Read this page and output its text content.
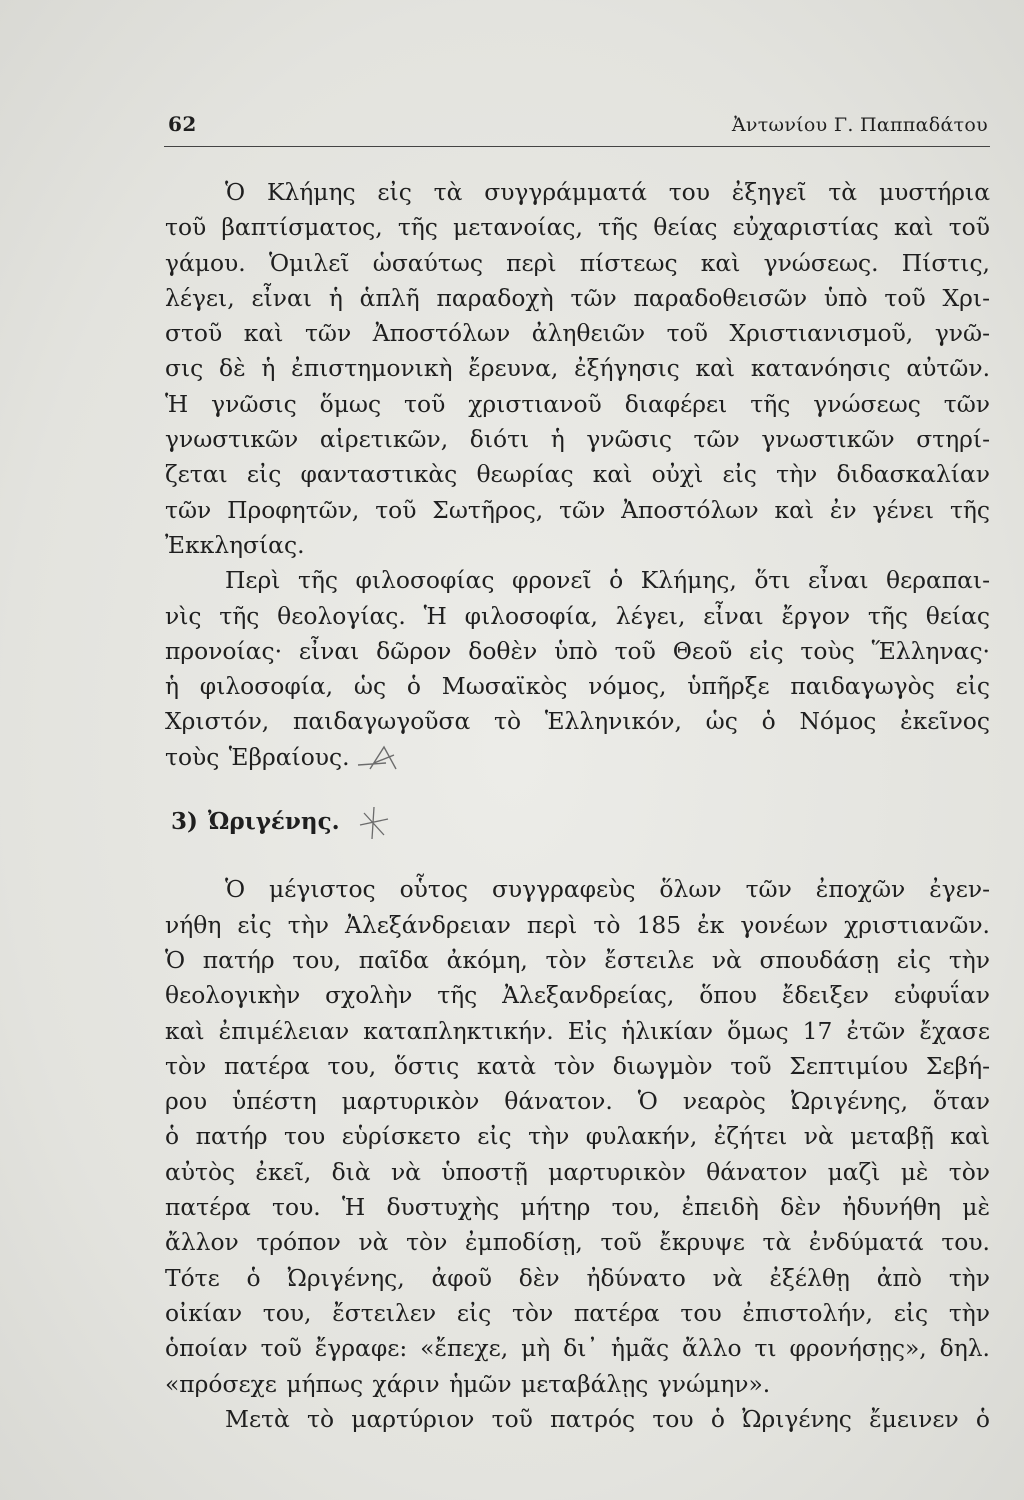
62	Ἀντωνίου Γ. Παππαδάτου
Ὁ Κλήμης εἰς τὰ συγγράμματά του ἐξηγεῖ τὰ μυστήρια
τοῦ βαπτίσματος, τῆς μετανοίας, τῆς θείας εὐχαριστίας καὶ τοῦ
γάμου. Ὁμιλεῖ ὡσαύτως περὶ πίστεως καὶ γνώσεως. Πίστις,
λέγει, εἶναι ἡ ἁπλῆ παραδοχὴ τῶν παραδοθεισῶν ὑπὸ τοῦ Χρι-
στοῦ καὶ τῶν Ἀποστόλων ἀληθειῶν τοῦ Χριστιανισμοῦ, γνῶ-
σις δὲ ἡ ἐπιστημονικὴ ἔρευνα, ἐξήγησις καὶ κατανόησις αὐτῶν.
Ἡ γνῶσις ὅμως τοῦ χριστιανοῦ διαφέρει τῆς γνώσεως τῶν
γνωστικῶν αἱρετικῶν, διότι ἡ γνῶσις τῶν γνωστικῶν στηρί-
ζεται εἰς φανταστικὰς θεωρίας καὶ οὐχὶ εἰς τὴν διδασκαλίαν
τῶν Προφητῶν, τοῦ Σωτῆρος, τῶν Ἀποστόλων καὶ ἐν γένει τῆς
Ἐκκλησίας.
Περὶ τῆς φιλοσοφίας φρονεῖ ὁ Κλήμης, ὅτι εἶναι θεραπαι-
νὶς τῆς θεολογίας. Ἡ φιλοσοφία, λέγει, εἶναι ἔργον τῆς θείας
προνοίας· εἶναι δῶρον δοθὲν ὑπὸ τοῦ Θεοῦ εἰς τοὺς Ἕλληνας·
ἡ φιλοσοφία, ὡς ὁ Μωσαϊκὸς νόμος, ὑπῆρξε παιδαγωγὸς εἰς
Χριστόν, παιδαγωγοῦσα τὸ Ἑλληνικόν, ὡς ὁ Νόμος ἐκεῖνος
τοὺς Ἑβραίους.
3) Ὠριγένης.
Ὁ μέγιστος οὗτος συγγραφεὺς ὅλων τῶν ἐποχῶν ἐγεν-
νήθη εἰς τὴν Ἀλεξάνδρειαν περὶ τὸ 185 ἐκ γονέων χριστιανῶν.
Ὁ πατήρ του, παῖδα ἀκόμη, τὸν ἔστειλε νὰ σπουδάσῃ εἰς τὴν
θεολογικὴν σχολὴν τῆς Ἀλεξανδρείας, ὅπου ἔδειξεν εὐφυΐαν
καὶ ἐπιμέλειαν καταπληκτικήν. Εἰς ἡλικίαν ὅμως 17 ἐτῶν ἔχασε
τὸν πατέρα του, ὅστις κατὰ τὸν διωγμὸν τοῦ Σεπτιμίου Σεβή-
ρου ὑπέστη μαρτυρικὸν θάνατον. Ὁ νεαρὸς Ὠριγένης, ὅταν
ὁ πατήρ του εὑρίσκετο εἰς τὴν φυλακήν, ἐζήτει νὰ μεταβῇ καὶ
αὐτὸς ἐκεῖ, διὰ νὰ ὑποστῇ μαρτυρικὸν θάνατον μαζὶ μὲ τὸν
πατέρα του. Ἡ δυστυχὴς μήτηρ του, ἐπειδὴ δὲν ἠδυνήθη μὲ
ἄλλον τρόπον νὰ τὸν ἐμποδίσῃ, τοῦ ἔκρυψε τὰ ἐνδύματά του.
Τότε ὁ Ὠριγένης, ἀφοῦ δὲν ἠδύνατο νὰ ἐξέλθῃ ἀπὸ τὴν
οἰκίαν του, ἔστειλεν εἰς τὸν πατέρα του ἐπιστολήν, εἰς τὴν
ὁποίαν τοῦ ἔγραφε: «ἔπεχε, μὴ δι᾿ ἡμᾶς ἄλλο τι φρονήσῃς», δηλ.
«πρόσεχε μήπως χάριν ἡμῶν μεταβάλῃς γνώμην».
Μετὰ τὸ μαρτύριον τοῦ πατρός του ὁ Ὠριγένης ἔμεινεν ὁ
